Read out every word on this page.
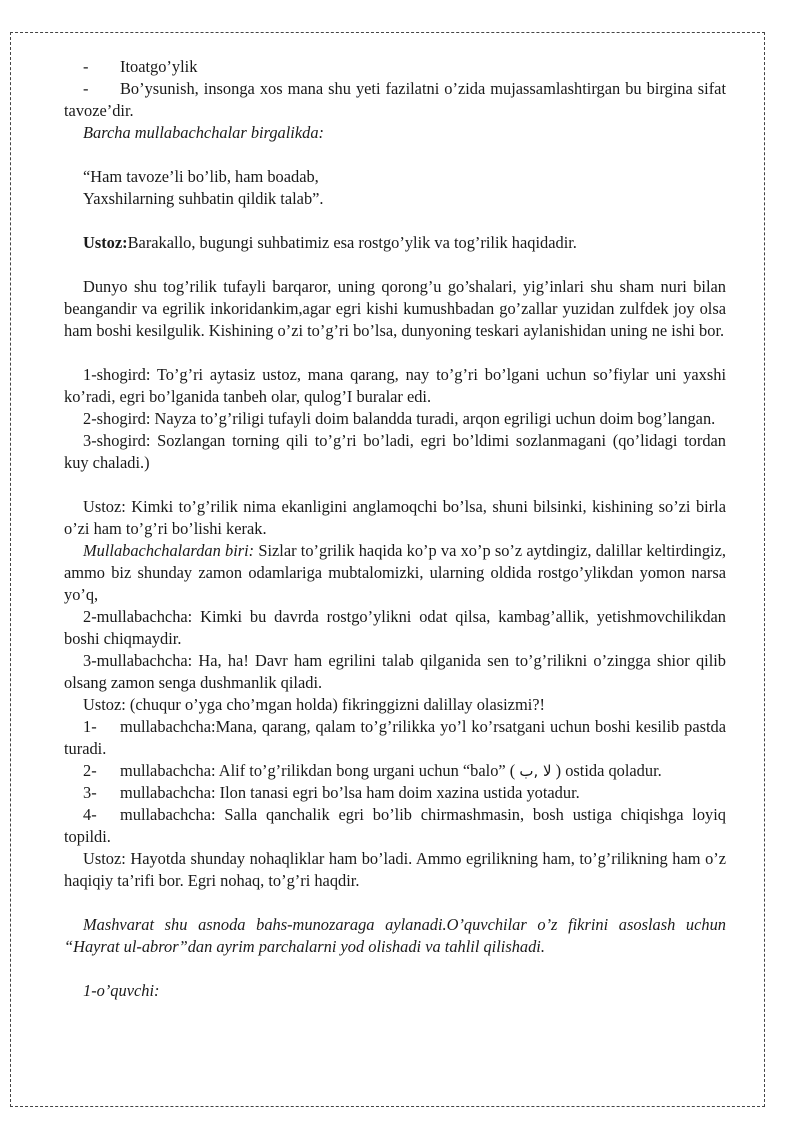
-	Itoatgo’ylik

- Bo’ysunish, insonga xos mana shu yeti fazilatni o’zida mujassamlashtirgan bu birgina sifat tavoze’dir.

Barcha mullabachchalar birgalikda:

“Ham tavoze’li bo’lib, ham boadab,
Yaxshilarning suhbatin qildik talab”.

Ustoz:Barakallo, bugungi suhbatimiz esa rostgo’ylik va tog’rilik haqidadir.

Dunyo shu tog’rilik tufayli barqaror, uning qorong’u go’shalari, yig’inlari shu sham nuri bilan beangandir va egrilik inkoridankim,agar egri kishi kumushbadan go’zallar yuzidan zulfdek joy olsa ham boshi kesilgulik. Kishining o’zi to’g’ri bo’lsa, dunyoning teskari aylanishidan uning ne ishi bor.

1-shogird: To’g’ri aytasiz ustoz, mana qarang, nay to’g’ri bo’lgani uchun so’fiylar uni yaxshi ko’radi, egri bo’lganida tanbeh olar, qulog’I buralar edi.

2-shogird: Nayza to’g’riligi tufayli doim balandda turadi, arqon egriligi uchun doim bog’langan.

3-shogird: Sozlangan torning qili to’g’ri bo’ladi, egri bo’ldimi sozlanmagani (qo’lidagi tordan kuy chaladi.)

Ustoz: Kimki to’g’rilik nima ekanligini anglamoqchi bo’lsa, shuni bilsinki, kishining so’zi birla o’zi ham to’g’ri bo’lishi kerak.

Mullabachchalardan biri: Sizlar to’grilik haqida ko’p va xo’p so’z aytdingiz, dalillar keltirdingiz, ammo biz shunday zamon odamlariga mubtalomizki, ularning oldida rostgo’ylikdan yomon narsa yo’q,

2-mullabachcha: Kimki bu davrda rostgo’ylikni odat qilsa, kambag’allik, yetishmovchilikdan boshi chiqmaydir.

3-mullabachcha: Ha, ha! Davr ham egrilini talab qilganida sen to’g’rilikni o’zingga shior qilib olsang zamon senga dushmanlik qiladi.

Ustoz: (chuqur o’yga cho’mgan holda) fikringgizni dalillay olasizmi?!

1- mullabachcha:Mana, qarang, qalam to’g’rilikka yo’l ko’rsatgani uchun boshi kesilib pastda turadi.

2- mullabachcha: Alif to’g’rilikdan bong urgani uchun “balo” ( لا ,ب ) ostida qoladur.

3- mullabachcha: Ilon tanasi egri bo’lsa ham doim xazina ustida yotadur.

4- mullabachcha: Salla qanchalik egri bo’lib chirmashmasin, bosh ustiga chiqishga loyiq topildi.

Ustoz: Hayotda shunday nohaqliklar ham bo’ladi. Ammo egrilikning ham, to’g’rilikning ham o’z haqiqiy ta’rifi bor. Egri nohaq, to’g’ri haqdir.

Mashvarat shu asnoda bahs-munozaraga aylanadi.O’quvchilar o’z fikrini asoslash uchun “Hayrat ul-abror”dan ayrim parchalarni yod olishadi va tahlil qilishadi.

1-o’quvchi:
